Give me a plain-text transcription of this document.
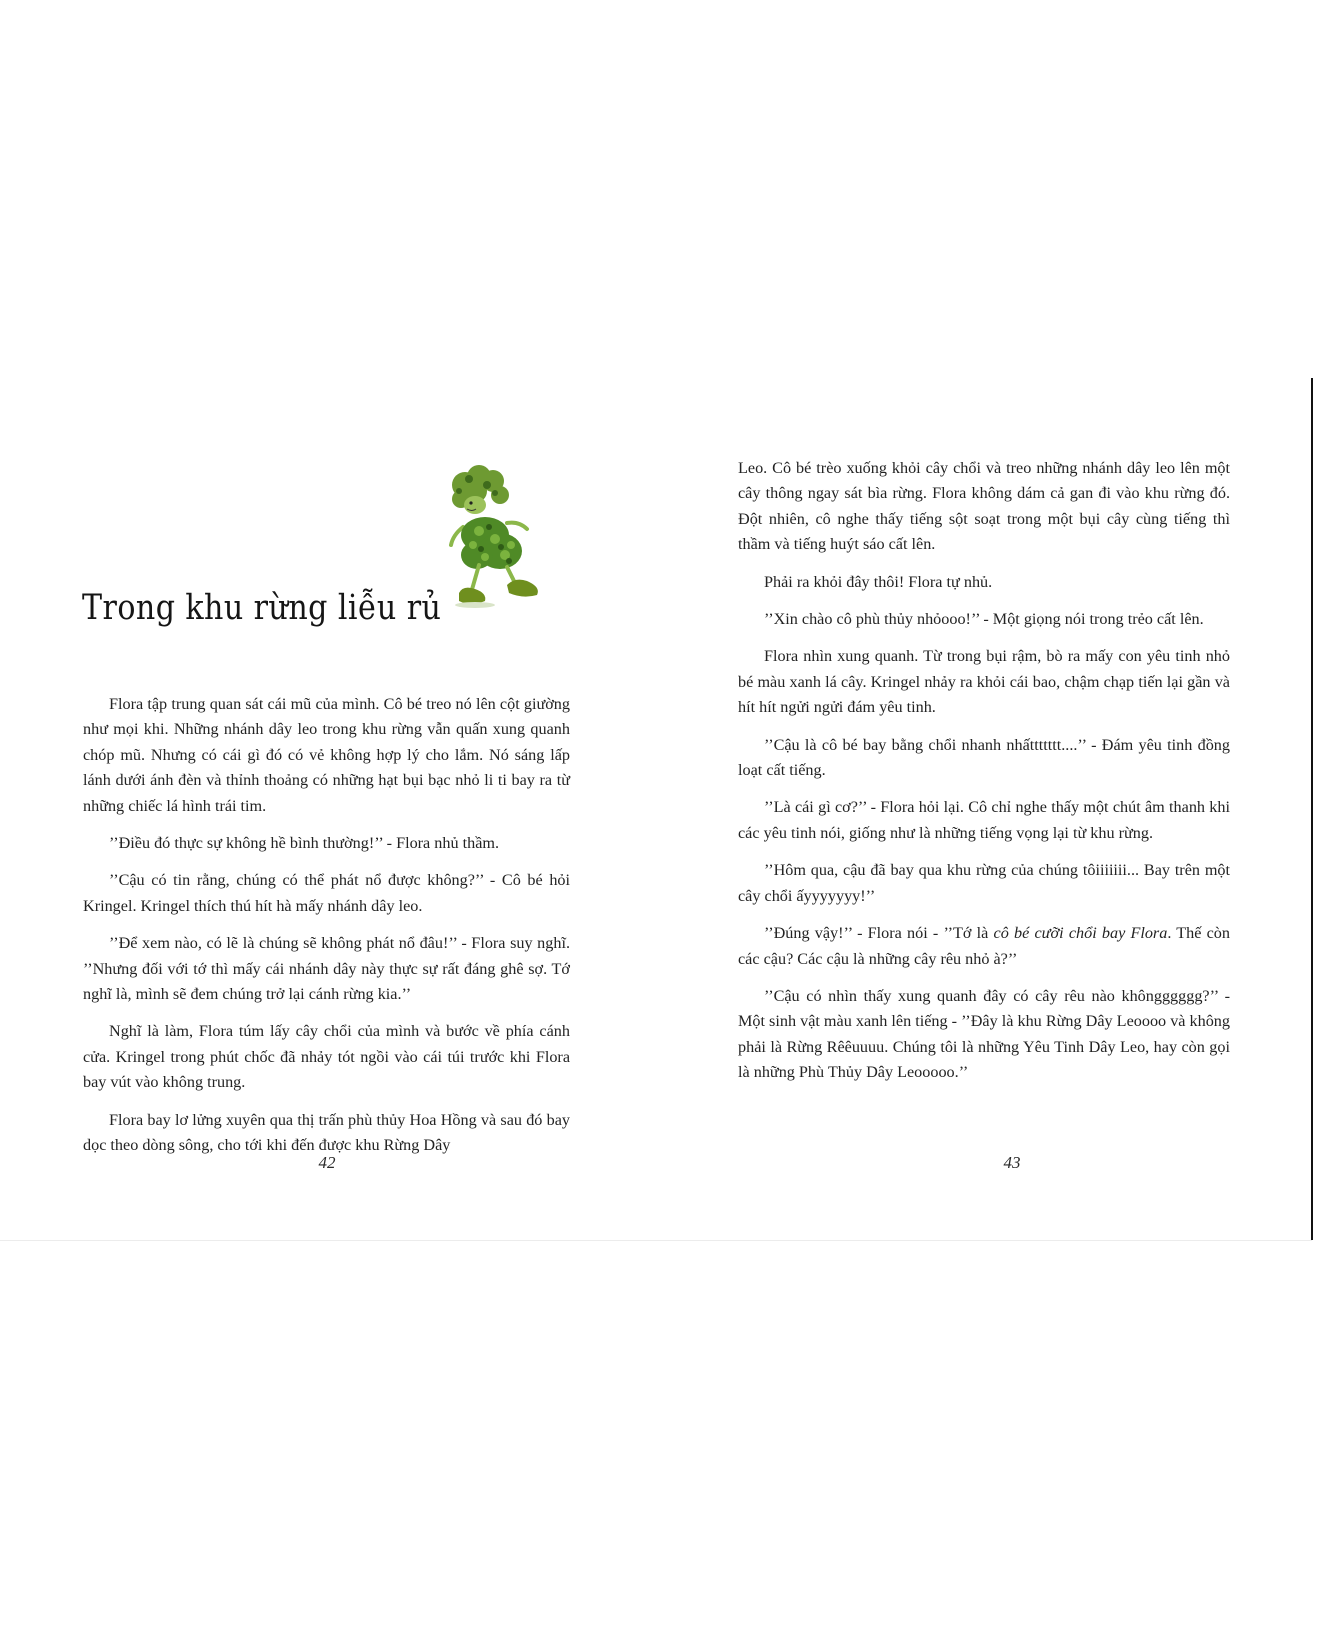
Trong khu rừng liễu rủ

Flora tập trung quan sát cái mũ của mình. Cô bé treo nó lên cột giường như mọi khi. Những nhánh dây leo trong khu rừng vẫn quấn xung quanh chóp mũ. Nhưng có cái gì đó có vẻ không hợp lý cho lắm. Nó sáng lấp lánh dưới ánh đèn và thỉnh thoảng có những hạt bụi bạc nhỏ li ti bay ra từ những chiếc lá hình trái tim.

’’Điều đó thực sự không hề bình thường!’’ - Flora nhủ thầm.

’’Cậu có tin rằng, chúng có thể phát nổ được không?’’ - Cô bé hỏi Kringel. Kringel thích thú hít hà mấy nhánh dây leo.

’’Để xem nào, có lẽ là chúng sẽ không phát nổ đâu!’’ - Flora suy nghĩ. ’’Nhưng đối với tớ thì mấy cái nhánh dây này thực sự rất đáng ghê sợ. Tớ nghĩ là, mình sẽ đem chúng trở lại cánh rừng kia.’’

Nghĩ là làm, Flora túm lấy cây chổi của mình và bước về phía cánh cửa. Kringel trong phút chốc đã nhảy tót ngồi vào cái túi trước khi Flora bay vút vào không trung.

Flora bay lơ lửng xuyên qua thị trấn phù thủy Hoa Hồng và sau đó bay dọc theo dòng sông, cho tới khi đến được khu Rừng Dây

42

Leo. Cô bé trèo xuống khỏi cây chổi và treo những nhánh dây leo lên một cây thông ngay sát bìa rừng. Flora không dám cả gan đi vào khu rừng đó. Đột nhiên, cô nghe thấy tiếng sột soạt trong một bụi cây cùng tiếng thì thầm và tiếng huýt sáo cất lên.

Phải ra khỏi đây thôi! Flora tự nhủ.

’’Xin chào cô phù thủy nhỏooo!’’ - Một giọng nói trong trẻo cất lên.

Flora nhìn xung quanh. Từ trong bụi rậm, bò ra mấy con yêu tinh nhỏ bé màu xanh lá cây. Kringel nhảy ra khỏi cái bao, chậm chạp tiến lại gần và hít hít ngửi ngửi đám yêu tinh.

’’Cậu là cô bé bay bằng chổi nhanh nhấttttttt....’’ - Đám yêu tinh đồng loạt cất tiếng.

’’Là cái gì cơ?’’ - Flora hỏi lại. Cô chỉ nghe thấy một chút âm thanh khi các yêu tinh nói, giống như là những tiếng vọng lại từ khu rừng.

’’Hôm qua, cậu đã bay qua khu rừng của chúng tôiiiiiii... Bay trên một cây chổi ấyyyyyyy!’’

’’Đúng vậy!’’ - Flora nói - ’’Tớ là cô bé cưỡi chổi bay Flora. Thế còn các cậu? Các cậu là những cây rêu nhỏ à?’’

’’Cậu có nhìn thấy xung quanh đây có cây rêu nào khôngggggg?’’ - Một sinh vật màu xanh lên tiếng - ’’Đây là khu Rừng Dây Leoooo và không phải là Rừng Rêêuuuu. Chúng tôi là những Yêu Tinh Dây Leo, hay còn gọi là những Phù Thủy Dây Leooooo.’’

43
